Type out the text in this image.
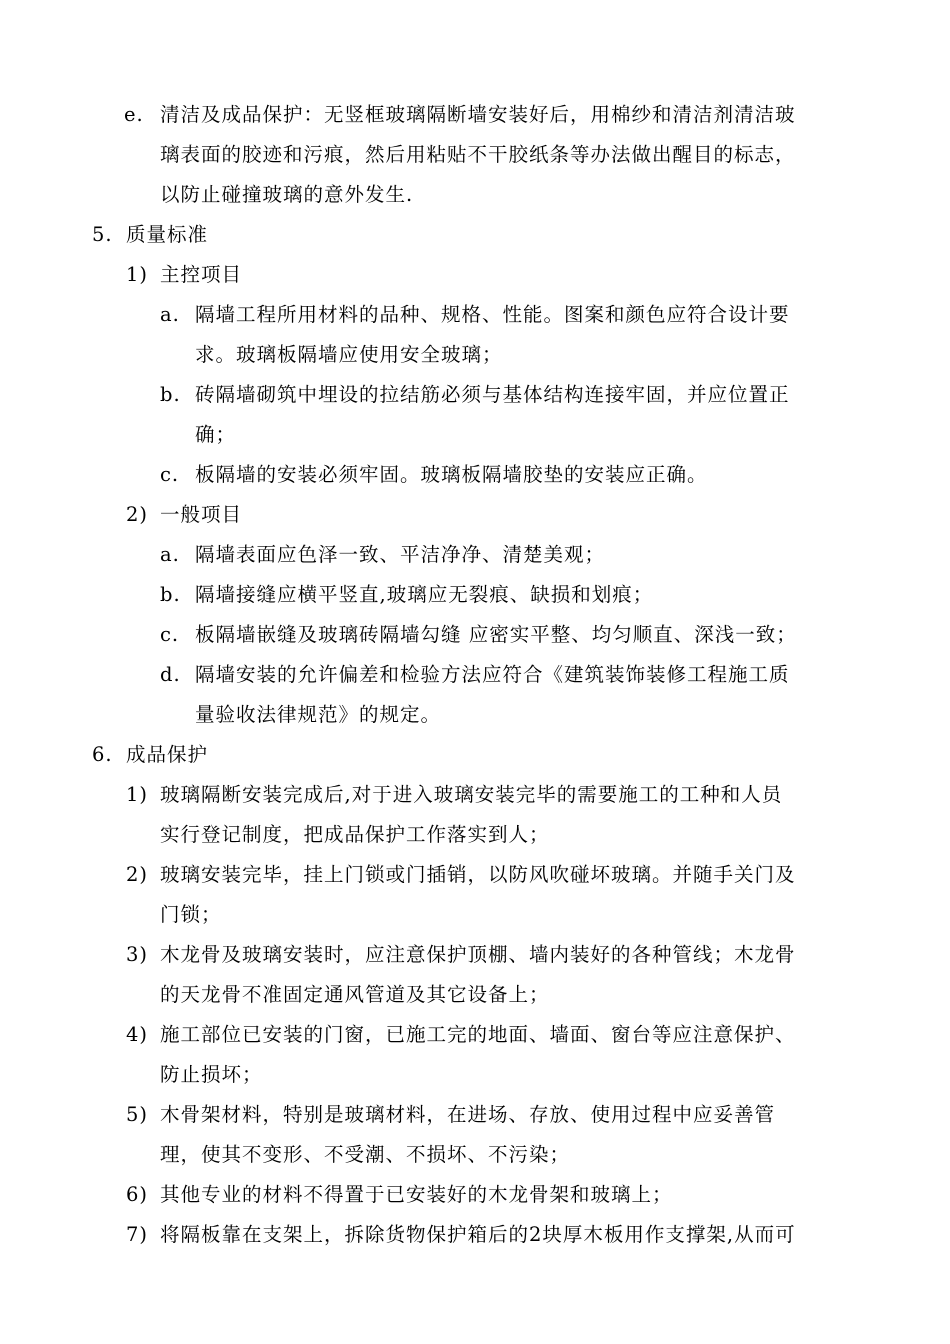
e. 清洁及成品保护：无竖框玻璃隔断墙安装好后，用棉纱和清洁剂清洁玻
璃表面的胶迹和污痕，然后用粘贴不干胶纸条等办法做出醒目的标志，
以防止碰撞玻璃的意外发生.
5. 质量标准
1) 主控项目
a. 隔墙工程所用材料的品种、规格、性能。图案和颜色应符合设计要
求。玻璃板隔墙应使用安全玻璃；
b. 砖隔墙砌筑中埋设的拉结筋必须与基体结构连接牢固，并应位置正
确；
c. 板隔墙的安装必须牢固。玻璃板隔墙胶垫的安装应正确。
2) 一般项目
a. 隔墙表面应色泽一致、平洁净净、清楚美观；
b. 隔墙接缝应横平竖直,玻璃应无裂痕、缺损和划痕；
c. 板隔墙嵌缝及玻璃砖隔墙勾缝 应密实平整、均匀顺直、深浅一致；
d. 隔墙安装的允许偏差和检验方法应符合《建筑装饰装修工程施工质
量验收法律规范》的规定。
6. 成品保护
1) 玻璃隔断安装完成后,对于进入玻璃安装完毕的需要施工的工种和人员
实行登记制度，把成品保护工作落实到人；
2) 玻璃安装完毕，挂上门锁或门插销，以防风吹碰坏玻璃。并随手关门及
门锁；
3) 木龙骨及玻璃安装时，应注意保护顶棚、墙内装好的各种管线；木龙骨
的天龙骨不准固定通风管道及其它设备上；
4) 施工部位已安装的门窗，已施工完的地面、墙面、窗台等应注意保护、
防止损坏；
5) 木骨架材料，特别是玻璃材料，在进场、存放、使用过程中应妥善管
理，使其不变形、不受潮、不损坏、不污染；
6) 其他专业的材料不得置于已安装好的木龙骨架和玻璃上；
7) 将隔板靠在支架上，拆除货物保护箱后的2块厚木板用作支撑架,从而可
